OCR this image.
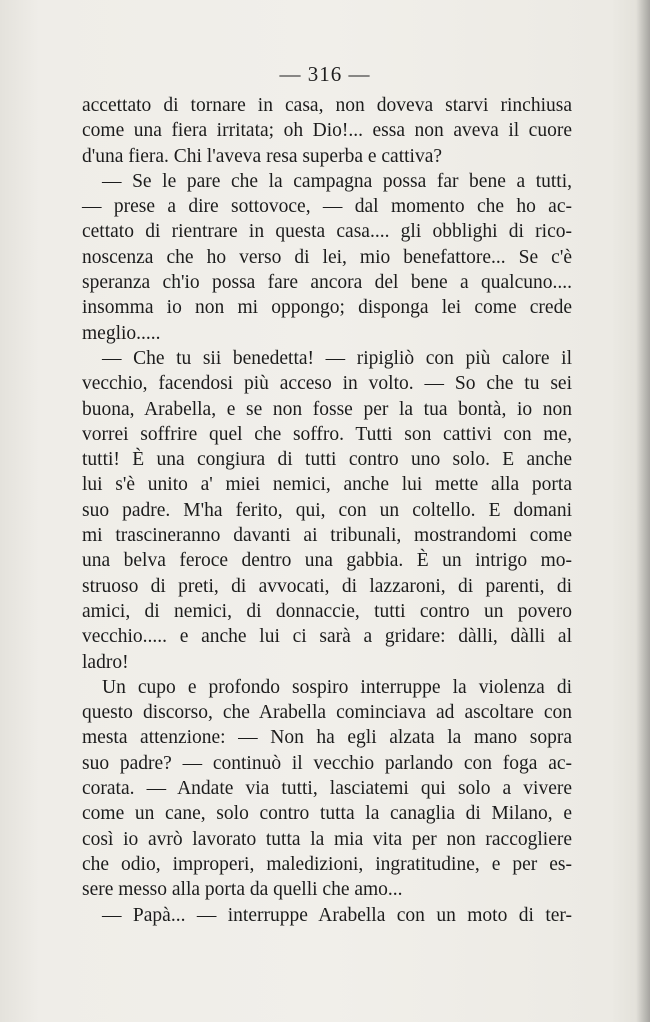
— 316 —

accettato di tornare in casa, non doveva starvi rinchiusa

come una fiera irritata; oh Dio!... essa non aveva il cuore

d'una fiera. Chi l'aveva resa superba e cattiva?

— Se le pare che la campagna possa far bene a tutti,

— prese a dire sottovoce, — dal momento che ho ac-

cettato di rientrare in questa casa.... gli obblighi di rico-

noscenza che ho verso di lei, mio benefattore... Se c'è

speranza ch'io possa fare ancora del bene a qualcuno....

insomma io non mi oppongo; disponga lei come crede

meglio.....

— Che tu sii benedetta! — ripigliò con più calore il

vecchio, facendosi più acceso in volto. — So che tu sei

buona, Arabella, e se non fosse per la tua bontà, io non

vorrei soffrire quel che soffro. Tutti son cattivi con me,

tutti! È una congiura di tutti contro uno solo. E anche

lui s'è unito a' miei nemici, anche lui mette alla porta

suo padre. M'ha ferito, qui, con un coltello. E domani

mi trascineranno davanti ai tribunali, mostrandomi come

una belva feroce dentro una gabbia. È un intrigo mo-

struoso di preti, di avvocati, di lazzaroni, di parenti, di

amici, di nemici, di donnaccie, tutti contro un povero

vecchio..... e anche lui ci sarà a gridare: dàlli, dàlli al

ladro!

Un cupo e profondo sospiro interruppe la violenza di

questo discorso, che Arabella cominciava ad ascoltare con

mesta attenzione: — Non ha egli alzata la mano sopra

suo padre? — continuò il vecchio parlando con foga ac-

corata. — Andate via tutti, lasciatemi qui solo a vivere

come un cane, solo contro tutta la canaglia di Milano, e

così io avrò lavorato tutta la mia vita per non raccogliere

che odio, improperi, maledizioni, ingratitudine, e per es-

sere messo alla porta da quelli che amo...

— Papà... — interruppe Arabella con un moto di ter-
